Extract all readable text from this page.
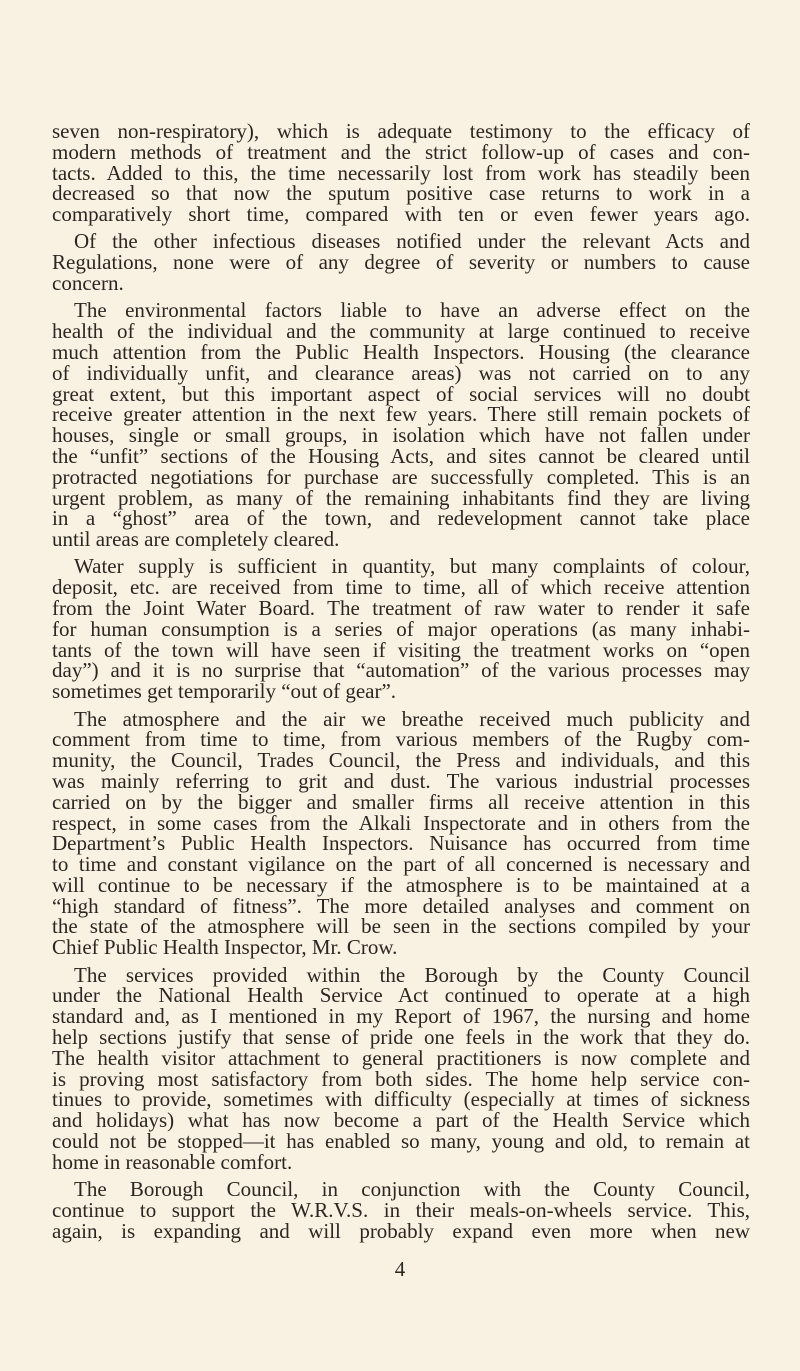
seven non-respiratory), which is adequate testimony to the efficacy of
modern methods of treatment and the strict follow-up of cases and con-
tacts. Added to this, the time necessarily lost from work has steadily been
decreased so that now the sputum positive case returns to work in a
comparatively short time, compared with ten or even fewer years ago.
Of the other infectious diseases notified under the relevant Acts and
Regulations, none were of any degree of severity or numbers to cause
concern.
The environmental factors liable to have an adverse effect on the
health of the individual and the community at large continued to receive
much attention from the Public Health Inspectors. Housing (the clearance
of individually unfit, and clearance areas) was not carried on to any
great extent, but this important aspect of social services will no doubt
receive greater attention in the next few years. There still remain pockets of
houses, single or small groups, in isolation which have not fallen under
the “unfit” sections of the Housing Acts, and sites cannot be cleared until
protracted negotiations for purchase are successfully completed. This is an
urgent problem, as many of the remaining inhabitants find they are living
in a “ghost” area of the town, and redevelopment cannot take place
until areas are completely cleared.
Water supply is sufficient in quantity, but many complaints of colour,
deposit, etc. are received from time to time, all of which receive attention
from the Joint Water Board. The treatment of raw water to render it safe
for human consumption is a series of major operations (as many inhabi-
tants of the town will have seen if visiting the treatment works on “open
day”) and it is no surprise that “automation” of the various processes may
sometimes get temporarily “out of gear”.
The atmosphere and the air we breathe received much publicity and
comment from time to time, from various members of the Rugby com-
munity, the Council, Trades Council, the Press and individuals, and this
was mainly referring to grit and dust. The various industrial processes
carried on by the bigger and smaller firms all receive attention in this
respect, in some cases from the Alkali Inspectorate and in others from the
Department’s Public Health Inspectors. Nuisance has occurred from time
to time and constant vigilance on the part of all concerned is necessary and
will continue to be necessary if the atmosphere is to be maintained at a
“high standard of fitness”. The more detailed analyses and comment on
the state of the atmosphere will be seen in the sections compiled by your
Chief Public Health Inspector, Mr. Crow.
The services provided within the Borough by the County Council
under the National Health Service Act continued to operate at a high
standard and, as I mentioned in my Report of 1967, the nursing and home
help sections justify that sense of pride one feels in the work that they do.
The health visitor attachment to general practitioners is now complete and
is proving most satisfactory from both sides. The home help service con-
tinues to provide, sometimes with difficulty (especially at times of sickness
and holidays) what has now become a part of the Health Service which
could not be stopped—it has enabled so many, young and old, to remain at
home in reasonable comfort.
The Borough Council, in conjunction with the County Council,
continue to support the W.R.V.S. in their meals-on-wheels service. This,
again, is expanding and will probably expand even more when new
4
